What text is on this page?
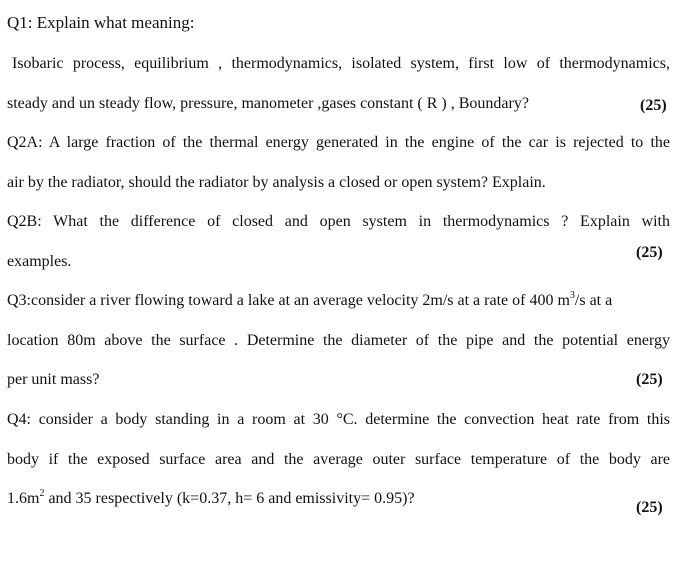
Q1: Explain what meaning:
Isobaric process, equilibrium , thermodynamics, isolated system, first low of thermodynamics,
steady and un steady flow, pressure, manometer ,gases constant ( R ) , Boundary?	(25)
Q2A: A large fraction of the thermal energy generated in the engine of the car is rejected to the
air by the radiator, should the radiator by analysis a closed or open system? Explain.
Q2B: What the difference of closed and open system in thermodynamics ? Explain with
examples.
(25)
Q3:consider a river flowing toward a lake at an average velocity 2m/s at a rate of 400 $m^3/s$ at a
location 80m above the surface . Determine the diameter of the pipe and the potential energy
per unit mass?	(25)
Q4: consider a body standing in a room at 30 °C. determine the convection heat rate from this
body if the exposed surface area and the average outer surface temperature of the body are
$1.6m^2$ and 35 respectively (k=0.37, h= 6 and emissivity= 0.95)?
(25)
